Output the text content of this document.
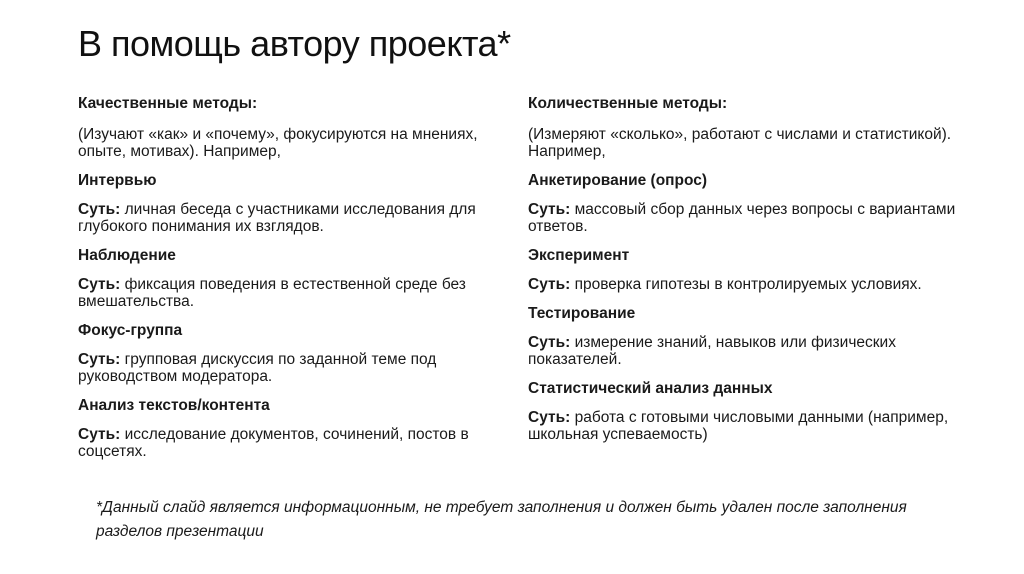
В помощь автору проекта*
Качественные методы:
(Изучают «как» и «почему», фокусируются на мнениях, опыте, мотивах). Например,
Интервью
Суть: личная беседа с участниками исследования для глубокого понимания их взглядов.
Наблюдение
Суть: фиксация поведения в естественной среде без вмешательства.
Фокус-группа
Суть: групповая дискуссия по заданной теме под руководством модератора.
Анализ текстов/контента
Суть: исследование документов, сочинений, постов в соцсетях.
Количественные методы:
(Измеряют «сколько», работают с числами и статистикой). Например,
Анкетирование (опрос)
Суть: массовый сбор данных через вопросы с вариантами ответов.
Эксперимент
Суть: проверка гипотезы в контролируемых условиях.
Тестирование
Суть: измерение знаний, навыков или физических показателей.
Статистический анализ данных
Суть: работа с готовыми числовыми данными (например, школьная успеваемость)
*Данный слайд является информационным, не требует заполнения и должен быть удален после заполнения разделов презентации
